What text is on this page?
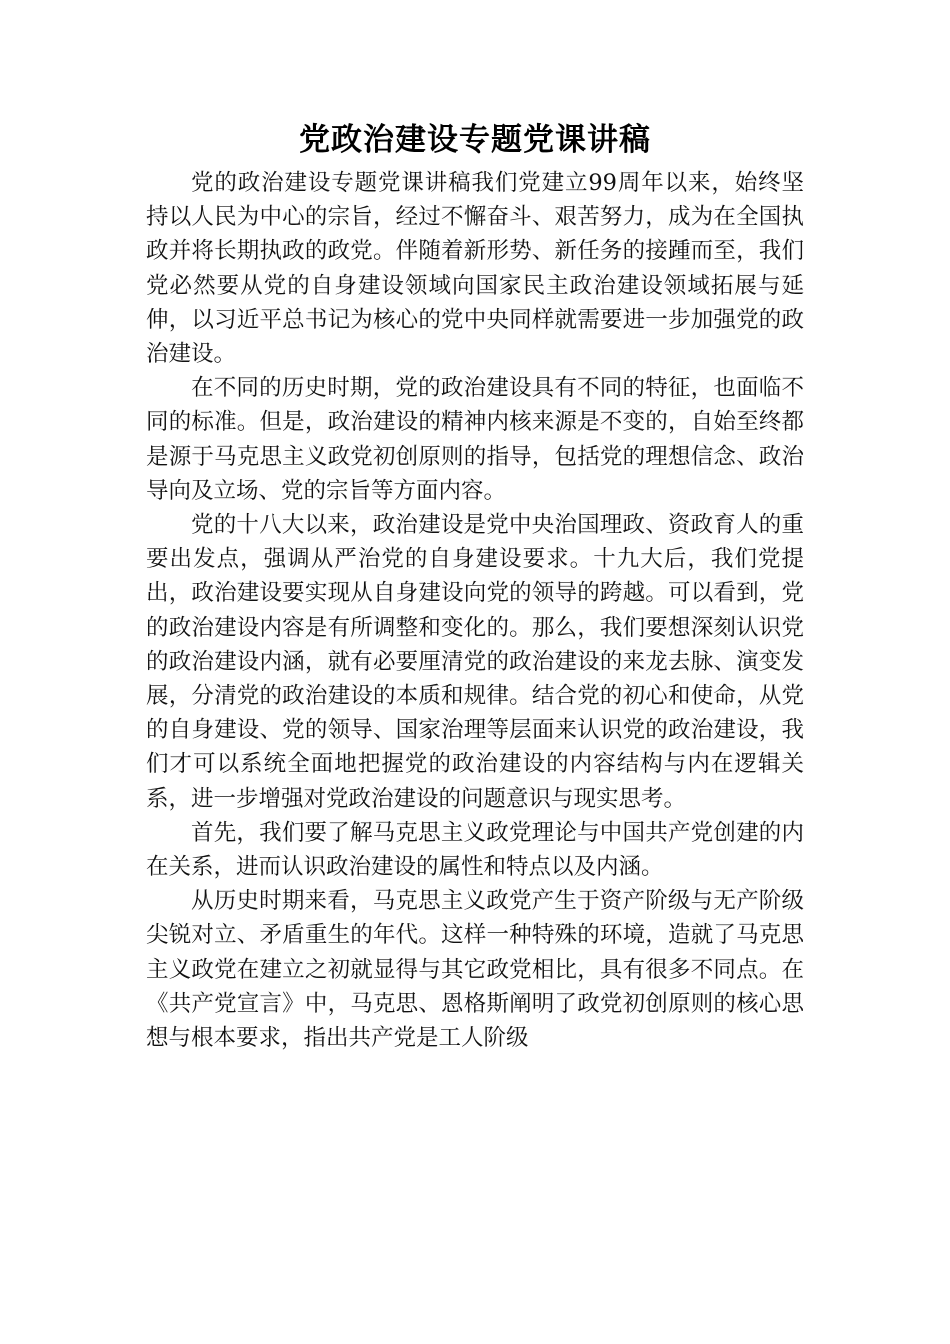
党政治建设专题党课讲稿

党的政治建设专题党课讲稿我们党建立99周年以来，始终坚持以人民为中心的宗旨，经过不懈奋斗、艰苦努力，成为在全国执政并将长期执政的政党。伴随着新形势、新任务的接踵而至，我们党必然要从党的自身建设领域向国家民主政治建设领域拓展与延伸，以习近平总书记为核心的党中央同样就需要进一步加强党的政治建设。

在不同的历史时期，党的政治建设具有不同的特征，也面临不同的标准。但是，政治建设的精神内核来源是不变的，自始至终都是源于马克思主义政党初创原则的指导，包括党的理想信念、政治导向及立场、党的宗旨等方面内容。

党的十八大以来，政治建设是党中央治国理政、资政育人的重要出发点，强调从严治党的自身建设要求。十九大后，我们党提出，政治建设要实现从自身建设向党的领导的跨越。可以看到，党的政治建设内容是有所调整和变化的。那么，我们要想深刻认识党的政治建设内涵，就有必要厘清党的政治建设的来龙去脉、演变发展，分清党的政治建设的本质和规律。结合党的初心和使命，从党的自身建设、党的领导、国家治理等层面来认识党的政治建设，我们才可以系统全面地把握党的政治建设的内容结构与内在逻辑关系，进一步增强对党政治建设的问题意识与现实思考。

首先，我们要了解马克思主义政党理论与中国共产党创建的内在关系，进而认识政治建设的属性和特点以及内涵。

从历史时期来看，马克思主义政党产生于资产阶级与无产阶级尖锐对立、矛盾重生的年代。这样一种特殊的环境，造就了马克思主义政党在建立之初就显得与其它政党相比，具有很多不同点。在《共产党宣言》中，马克思、恩格斯阐明了政党初创原则的核心思想与根本要求，指出共产党是工人阶级
